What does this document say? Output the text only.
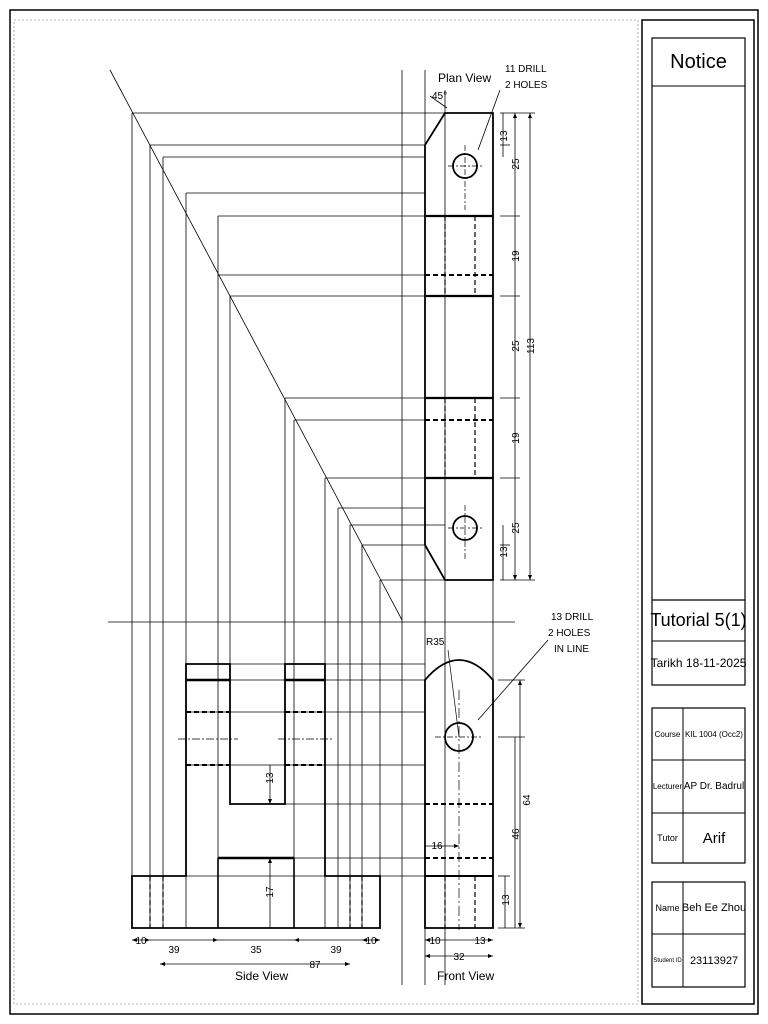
Plan View
45°
11 DRILL
2 HOLES
13 DRILL
2 HOLES
IN LINE
R35
Side View	Front View
13
25
19
25 113
19
25
13
13
17
64
46
13
10
39	35	39
10
87
16
10	13
32
Notice
Tutorial 5(1)
Tarikh 18-11-2025
Course KIL 1004 (Occ2)
Lecturer AP Dr. Badrul
Tutor	Arif
Name Beh Ee Zhou
Student ID 23113927
